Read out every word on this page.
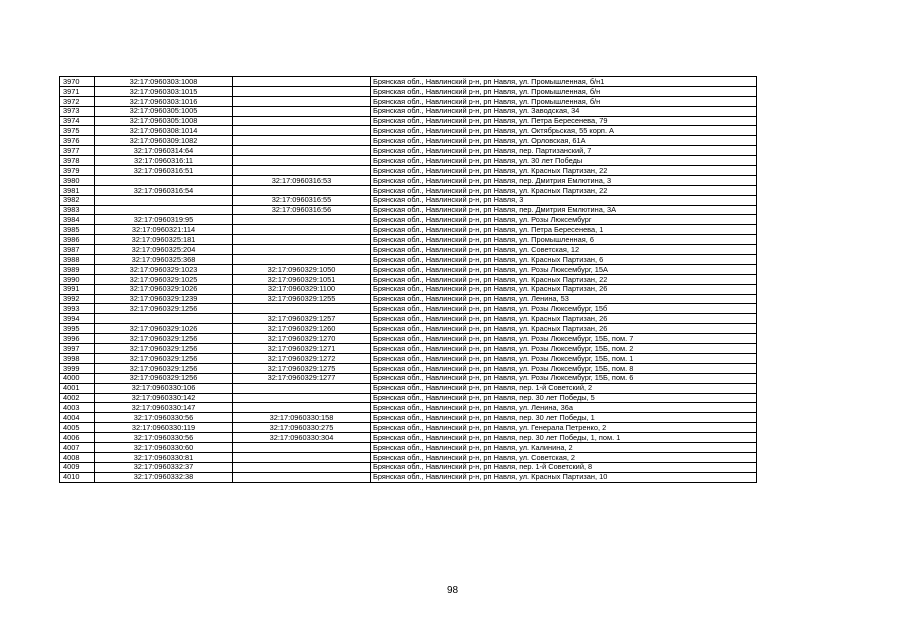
3970	32:17:0960303:1008		Брянская обл., Навлинский р-н, рп Навля, ул. Промышленная, б/н1
3971	32:17:0960303:1015		Брянская обл., Навлинский р-н, рп Навля, ул. Промышленная, б/н
3972	32:17:0960303:1016		Брянская обл., Навлинский р-н, рп Навля, ул. Промышленная, б/н
3973	32:17:0960305:1005		Брянская обл., Навлинский р-н, рп Навля, ул. Заводская, 34
3974	32:17:0960305:1008		Брянская обл., Навлинский р-н, рп Навля, ул. Петра Бересенева, 79
3975	32:17:0960308:1014		Брянская обл., Навлинский р-н, рп Навля, ул. Октябрьская, 55 корп. А
3976	32:17:0960309:1082		Брянская обл., Навлинский р-н, рп Навля, ул. Орловская, 61А
3977	32:17:0960314:64		Брянская обл., Навлинский р-н, рп Навля, пер. Партизанский, 7
3978	32:17:0960316:11		Брянская обл., Навлинский р-н, рп Навля, ул. 30 лет Победы
3979	32:17:0960316:51		Брянская обл., Навлинский р-н, рп Навля, ул. Красных Партизан, 22
3980		32:17:0960316:53	Брянская обл., Навлинский р-н, рп Навля, пер. Дмитрия Емлютина, 3
3981	32:17:0960316:54		Брянская обл., Навлинский р-н, рп Навля, ул. Красных Партизан, 22
3982		32:17:0960316:55	Брянская обл., Навлинский р-н, рп Навля, 3
3983		32:17:0960316:56	Брянская обл., Навлинский р-н, рп Навля, пер. Дмитрия Емлютина, 3А
3984	32:17:0960319:95		Брянская обл., Навлинский р-н, рп Навля, ул. Розы Люксембург
3985	32:17:0960321:114		Брянская обл., Навлинский р-н, рп Навля, ул. Петра Бересенева, 1
3986	32:17:0960325:181		Брянская обл., Навлинский р-н, рп Навля, ул. Промышленная, 6
3987	32:17:0960325:204		Брянская обл., Навлинский р-н, рп Навля, ул. Советская, 12
3988	32:17:0960325:368		Брянская обл., Навлинский р-н, рп Навля, ул. Красных Партизан, 6
3989	32:17:0960329:1023	32:17:0960329:1050	Брянская обл., Навлинский р-н, рп Навля, ул. Розы Люксембург, 15А
3990	32:17:0960329:1025	32:17:0960329:1051	Брянская обл., Навлинский р-н, рп Навля, ул. Красных Партизан, 22
3991	32:17:0960329:1026	32:17:0960329:1100	Брянская обл., Навлинский р-н, рп Навля, ул. Красных Партизан, 26
3992	32:17:0960329:1239	32:17:0960329:1255	Брянская обл., Навлинский р-н, рп Навля, ул. Ленина, 53
3993	32:17:0960329:1256		Брянская обл., Навлинский р-н, рп Навля, ул. Розы Люксембург, 15б
3994		32:17:0960329:1257	Брянская обл., Навлинский р-н, рп Навля, ул. Красных Партизан, 26
3995	32:17:0960329:1026	32:17:0960329:1260	Брянская обл., Навлинский р-н, рп Навля, ул. Красных Партизан, 26
3996	32:17:0960329:1256	32:17:0960329:1270	Брянская обл., Навлинский р-н, рп Навля, ул. Розы Люксембург, 15Б, пом. 7
3997	32:17:0960329:1256	32:17:0960329:1271	Брянская обл., Навлинский р-н, рп Навля, ул. Розы Люксембург, 15Б, пом. 2
3998	32:17:0960329:1256	32:17:0960329:1272	Брянская обл., Навлинский р-н, рп Навля, ул. Розы Люксембург, 15Б, пом. 1
3999	32:17:0960329:1256	32:17:0960329:1275	Брянская обл., Навлинский р-н, рп Навля, ул. Розы Люксембург, 15Б, пом. 8
4000	32:17:0960329:1256	32:17:0960329:1277	Брянская обл., Навлинский р-н, рп Навля, ул. Розы Люксембург, 15Б, пом. 6
4001	32:17:0960330:106		Брянская обл., Навлинский р-н, рп Навля, пер. 1-й Советский, 2
4002	32:17:0960330:142		Брянская обл., Навлинский р-н, рп Навля, пер. 30 лет Победы, 5
4003	32:17:0960330:147		Брянская обл., Навлинский р-н, рп Навля, ул. Ленина, 36а
4004	32:17:0960330:56	32:17:0960330:158	Брянская обл., Навлинский р-н, рп Навля, пер. 30 лет Победы, 1
4005	32:17:0960330:119	32:17:0960330:275	Брянская обл., Навлинский р-н, рп Навля, ул. Генерала Петренко, 2
4006	32:17:0960330:56	32:17:0960330:304	Брянская обл., Навлинский р-н, рп Навля, пер. 30 лет Победы, 1, пом. 1
4007	32:17:0960330:60		Брянская обл., Навлинский р-н, рп Навля, ул. Калинина, 2
4008	32:17:0960330:81		Брянская обл., Навлинский р-н, рп Навля, ул. Советская, 2
4009	32:17:0960332:37		Брянская обл., Навлинский р-н, рп Навля, пер. 1-й Советский, 8
4010	32:17:0960332:38		Брянская обл., Навлинский р-н, рп Навля, ул. Красных Партизан, 10
98
